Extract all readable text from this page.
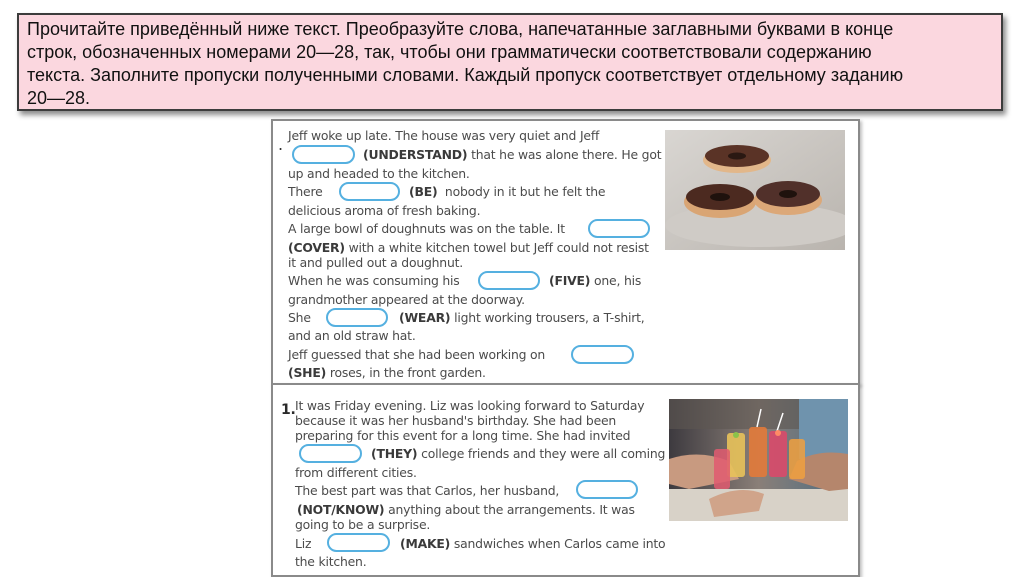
Прочитайте приведённый ниже текст. Преобразуйте слова, напечатанные заглавными буквами в конце
строк, обозначенных номерами 20—28, так, чтобы они грамматически соответствовали содержанию
текста. Заполните пропуски полученными словами. Каждый пропуск соответствует отдельному заданию
20—28.
. Jeff woke up late. The house was very quiet and Jeff
(UNDERSTAND) that he was alone there. He got
up and headed to the kitchen.
There	(BE) nobody in it but he felt the
delicious aroma of fresh baking.
A large bowl of doughnuts was on the table. It
(COVER) with a white kitchen towel but Jeff could not resist
it and pulled out a doughnut.
When he was consuming his	(FIVE) one, his
grandmother appeared at the doorway.
She	(WEAR) light working trousers, a T-shirt,
and an old straw hat.
Jeff guessed that she had been working on
(SHE) roses, in the front garden.
1. It was Friday evening. Liz was looking forward to Saturday
because it was her husband's birthday. She had been
preparing for this event for a long time. She had invited
(THEY) college friends and they were all coming
from different cities.
The best part was that Carlos, her husband,
(NOT/KNOW) anything about the arrangements. It was
going to be a surprise.
Liz	(MAKE) sandwiches when Carlos came into
the kitchen.
